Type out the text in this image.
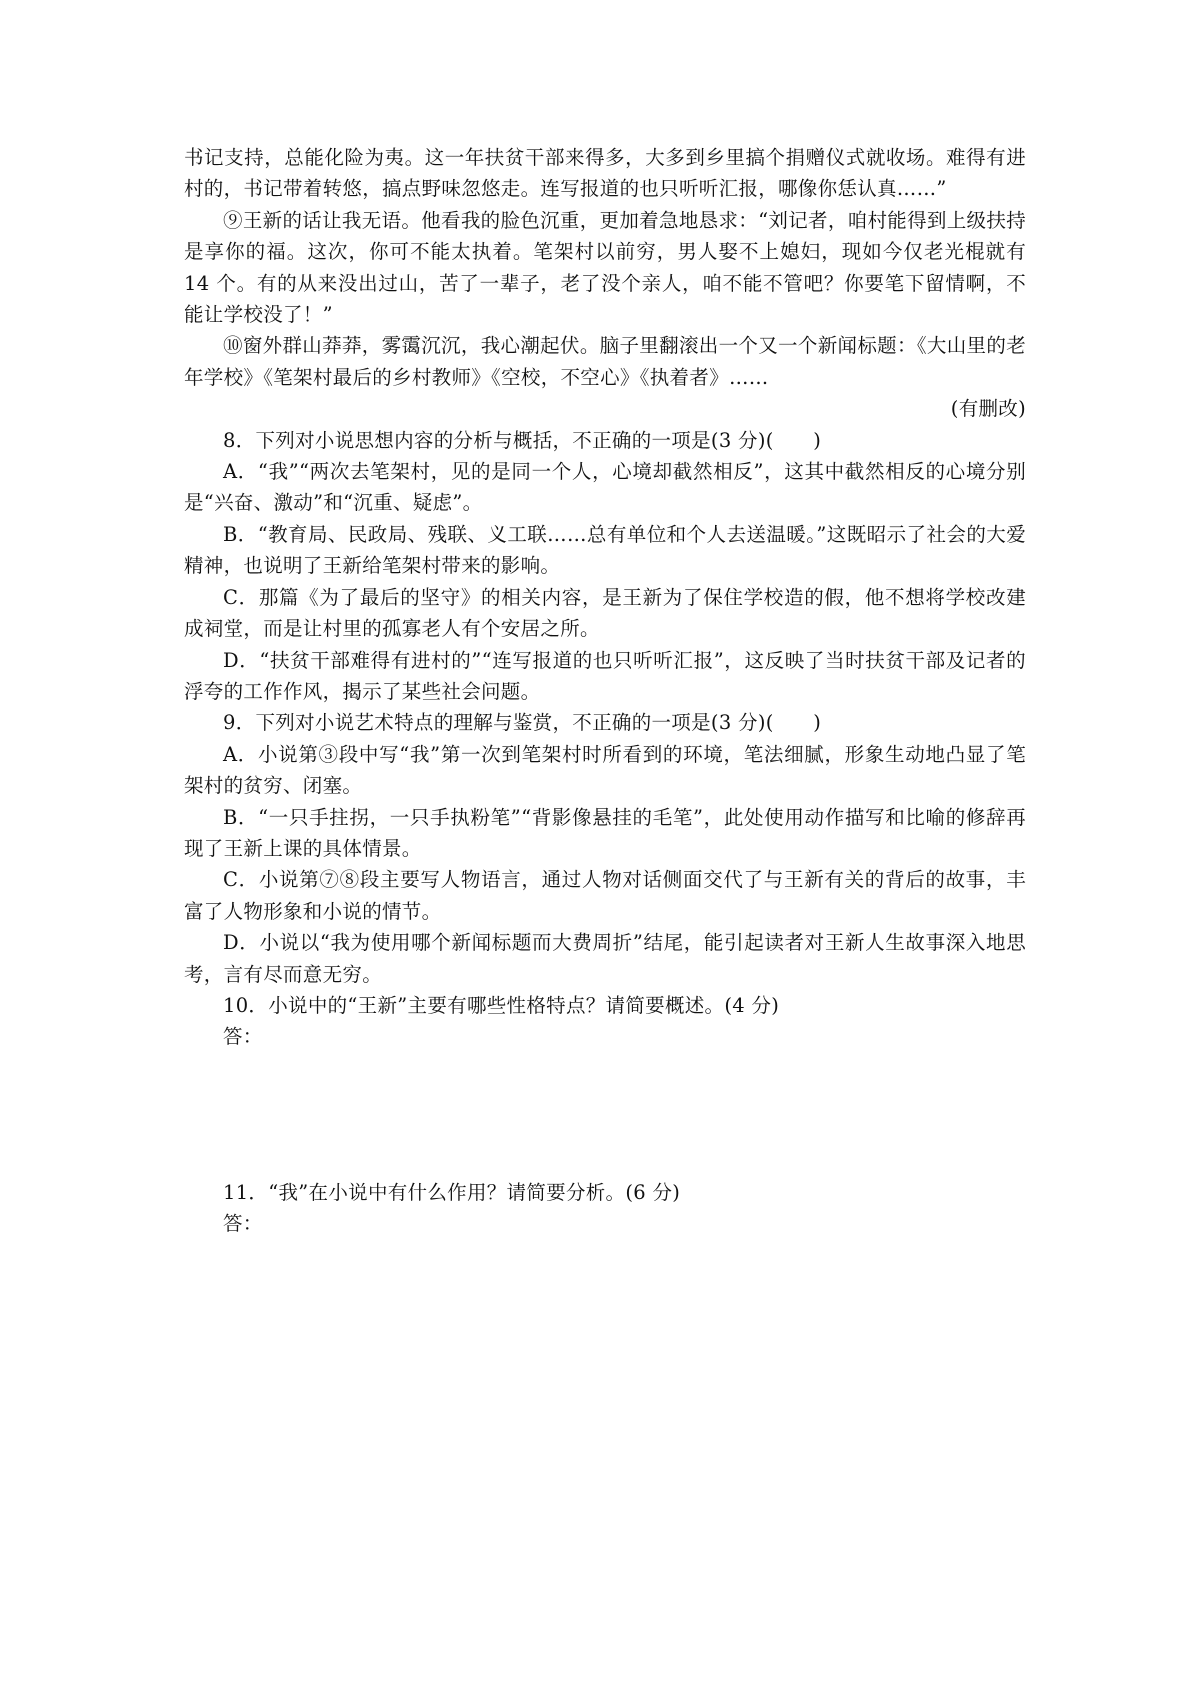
书记支持，总能化险为夷。这一年扶贫干部来得多，大多到乡里搞个捐赠仪式就收场。难得有进村的，书记带着转悠，搞点野味忽悠走。连写报道的也只听听汇报，哪像你恁认真……”

⑨王新的话让我无语。他看我的脸色沉重，更加着急地恳求：“刘记者，咱村能得到上级扶持是享你的福。这次，你可不能太执着。笔架村以前穷，男人娶不上媳妇，现如今仅老光棍就有 14 个。有的从来没出过山，苦了一辈子，老了没个亲人，咱不能不管吧？你要笔下留情啊，不能让学校没了！”

⑩窗外群山莽莽，雾霭沉沉，我心潮起伏。脑子里翻滚出一个又一个新闻标题：《大山里的老年学校》《笔架村最后的乡村教师》《空校，不空心》《执着者》……

(有删改)

8．下列对小说思想内容的分析与概括，不正确的一项是(3 分)(　　)

A．“我”“两次去笔架村，见的是同一个人，心境却截然相反”，这其中截然相反的心境分别是“兴奋、激动”和“沉重、疑虑”。

B．“教育局、民政局、残联、义工联……总有单位和个人去送温暖。”这既昭示了社会的大爱精神，也说明了王新给笔架村带来的影响。

C．那篇《为了最后的坚守》的相关内容，是王新为了保住学校造的假，他不想将学校改建成祠堂，而是让村里的孤寡老人有个安居之所。

D．“扶贫干部难得有进村的”“连写报道的也只听听汇报”，这反映了当时扶贫干部及记者的浮夸的工作作风，揭示了某些社会问题。

9．下列对小说艺术特点的理解与鉴赏，不正确的一项是(3 分)(　　)

A．小说第③段中写“我”第一次到笔架村时所看到的环境，笔法细腻，形象生动地凸显了笔架村的贫穷、闭塞。

B．“一只手拄拐，一只手执粉笔”“背影像悬挂的毛笔”，此处使用动作描写和比喻的修辞再现了王新上课的具体情景。

C．小说第⑦⑧段主要写人物语言，通过人物对话侧面交代了与王新有关的背后的故事，丰富了人物形象和小说的情节。

D．小说以“我为使用哪个新闻标题而大费周折”结尾，能引起读者对王新人生故事深入地思考，言有尽而意无穷。

10．小说中的“王新”主要有哪些性格特点？请简要概述。(4 分)

答：

11．“我”在小说中有什么作用？请简要分析。(6 分)

答：
